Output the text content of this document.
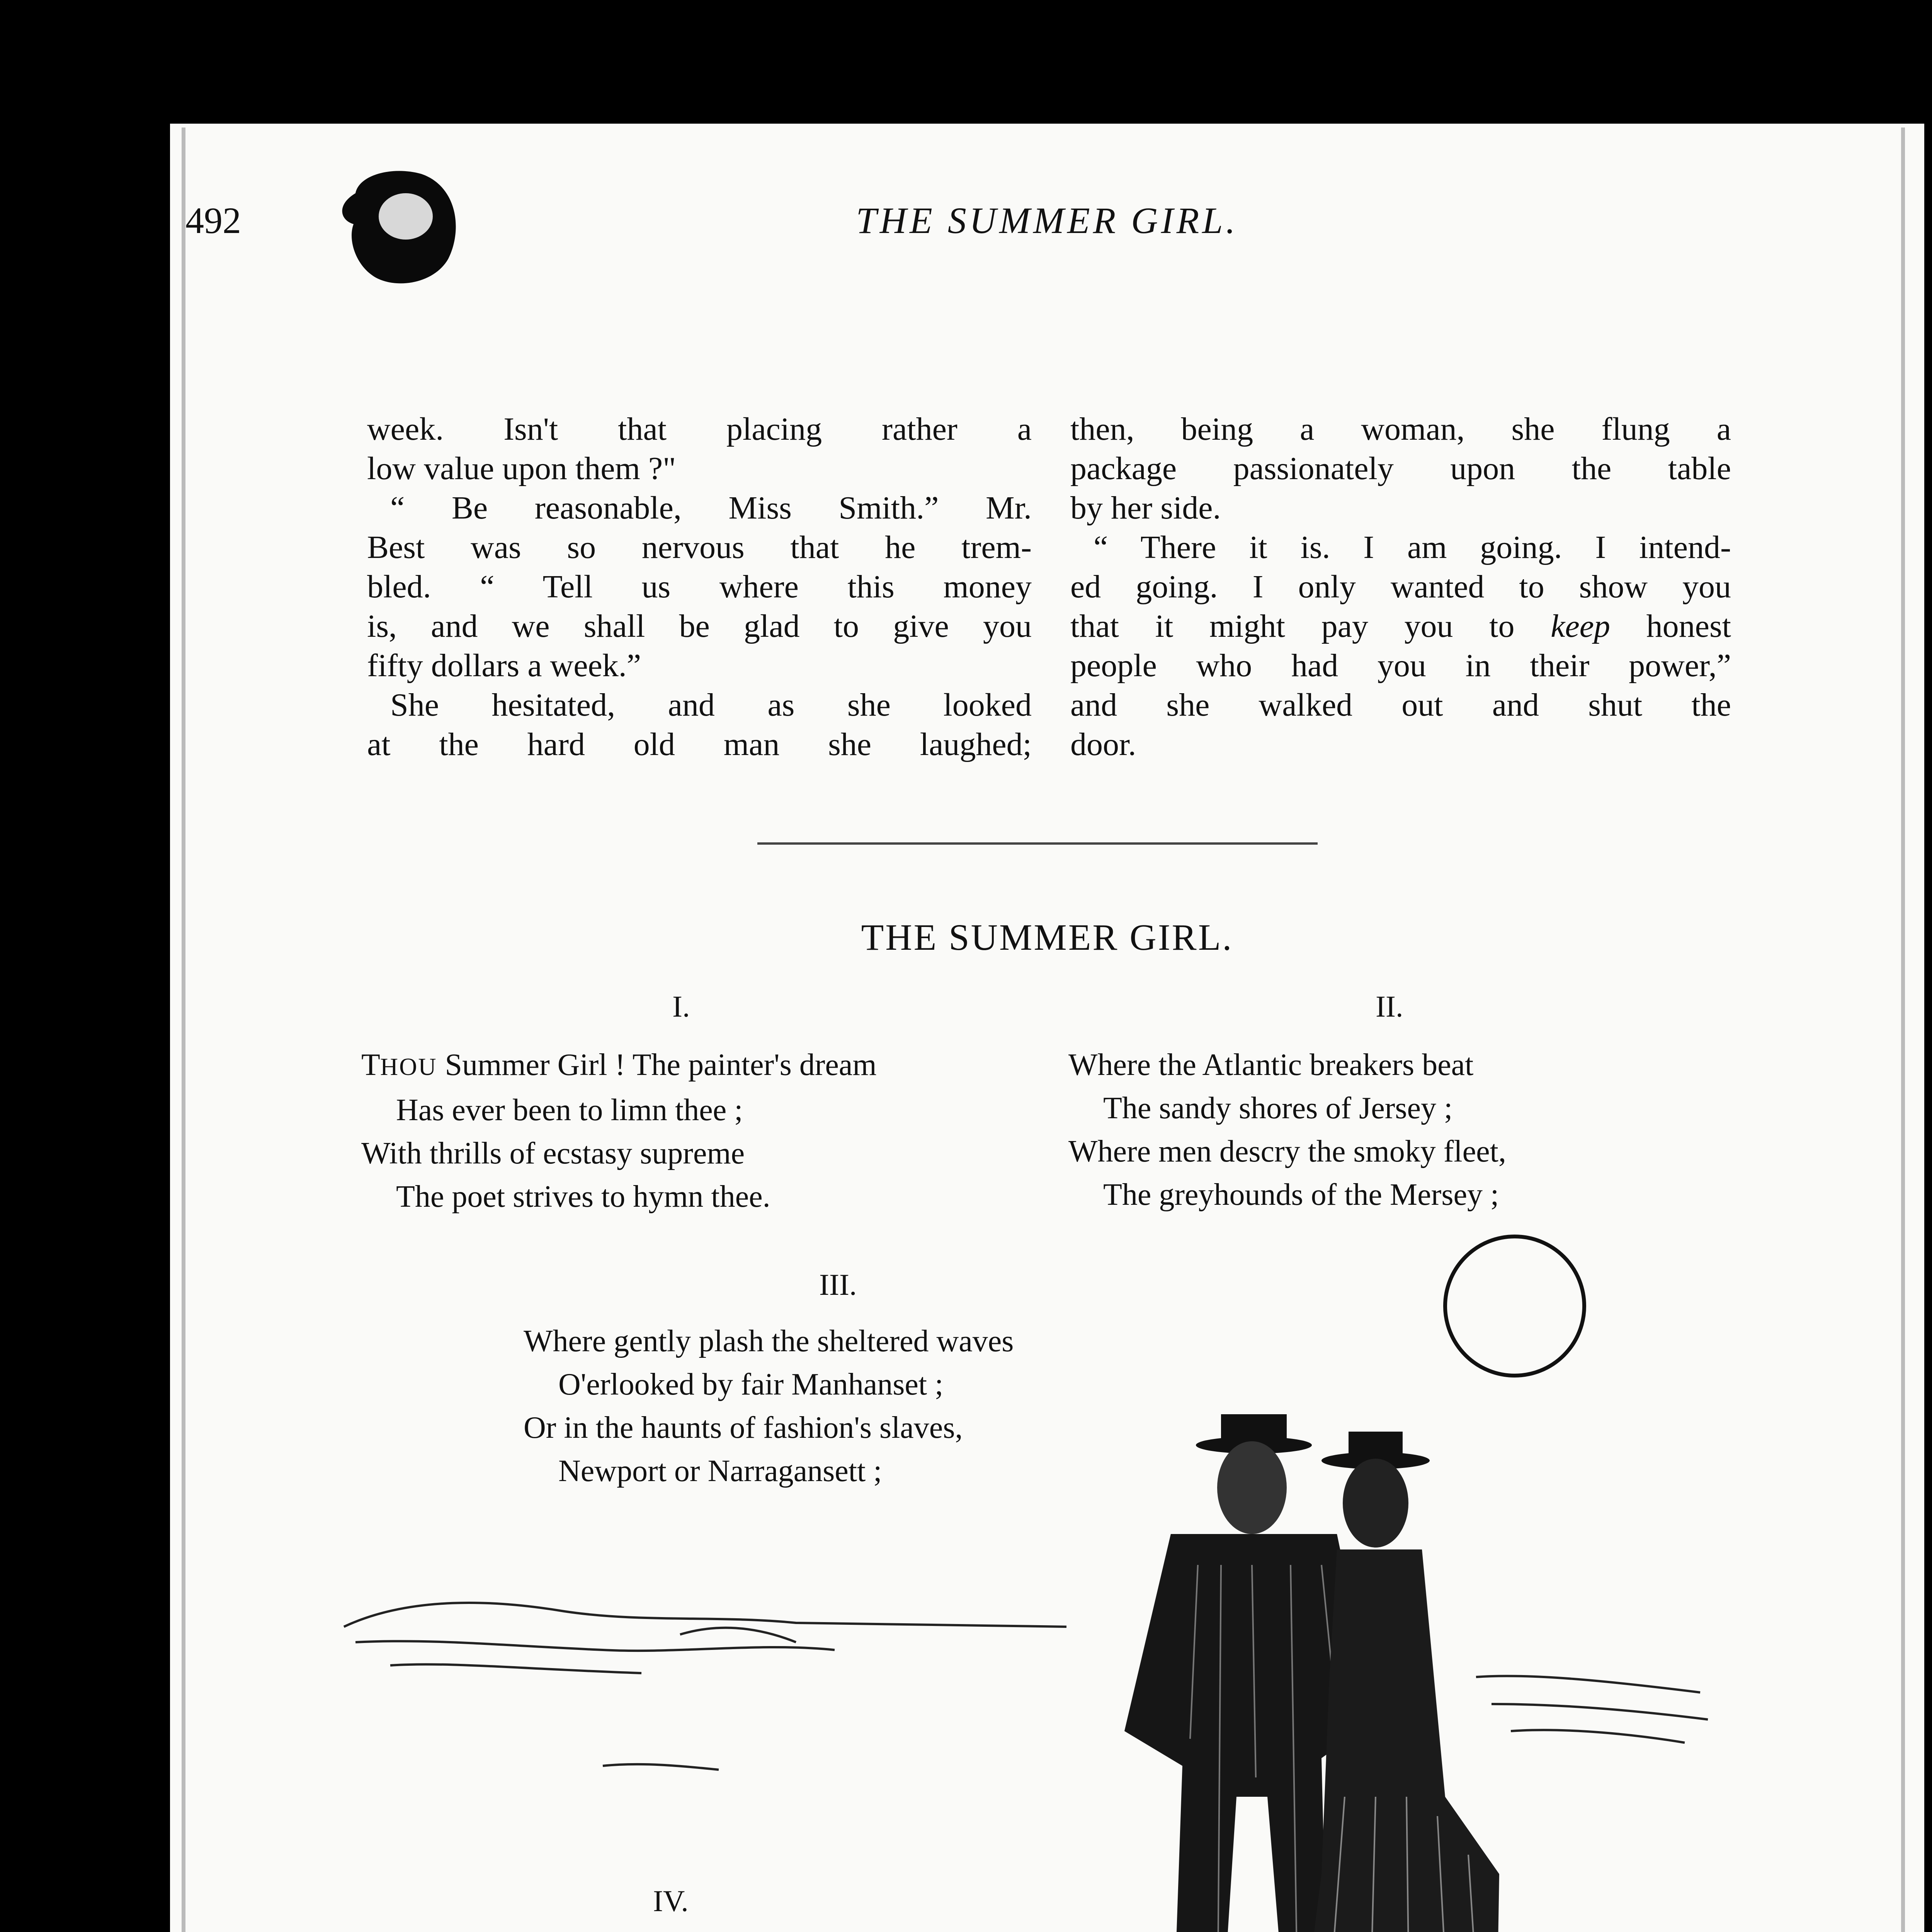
492	THE SUMMER GIRL.

week. Isn't that placing rather a

low value upon them ?"

“ Be reasonable, Miss Smith.” Mr.

Best was so nervous that he trem-

bled. “ Tell us where this money

is, and we shall be glad to give you

fifty dollars a week.”

She hesitated, and as she looked

at the hard old man she laughed;

then, being a woman, she flung a

package passionately upon the table

by her side.

“ There it is. I am going. I intend-

ed going. I only wanted to show you

that it might pay you to keep honest

people who had you in their power,”

and she walked out and shut the

door.

THE SUMMER GIRL.
I.
THOU Summer Girl ! The painter's dream
Has ever been to limn thee ;
With thrills of ecstasy supreme
The poet strives to hymn thee.
II.
Where the Atlantic breakers beat
The sandy shores of Jersey ;
Where men descry the smoky fleet,
The greyhounds of the Mersey ;
III.
Where gently plash the sheltered waves
O'erlooked by fair Manhanset ;
Or in the haunts of fashion's slaves,
Newport or Narragansett ;
IV.
